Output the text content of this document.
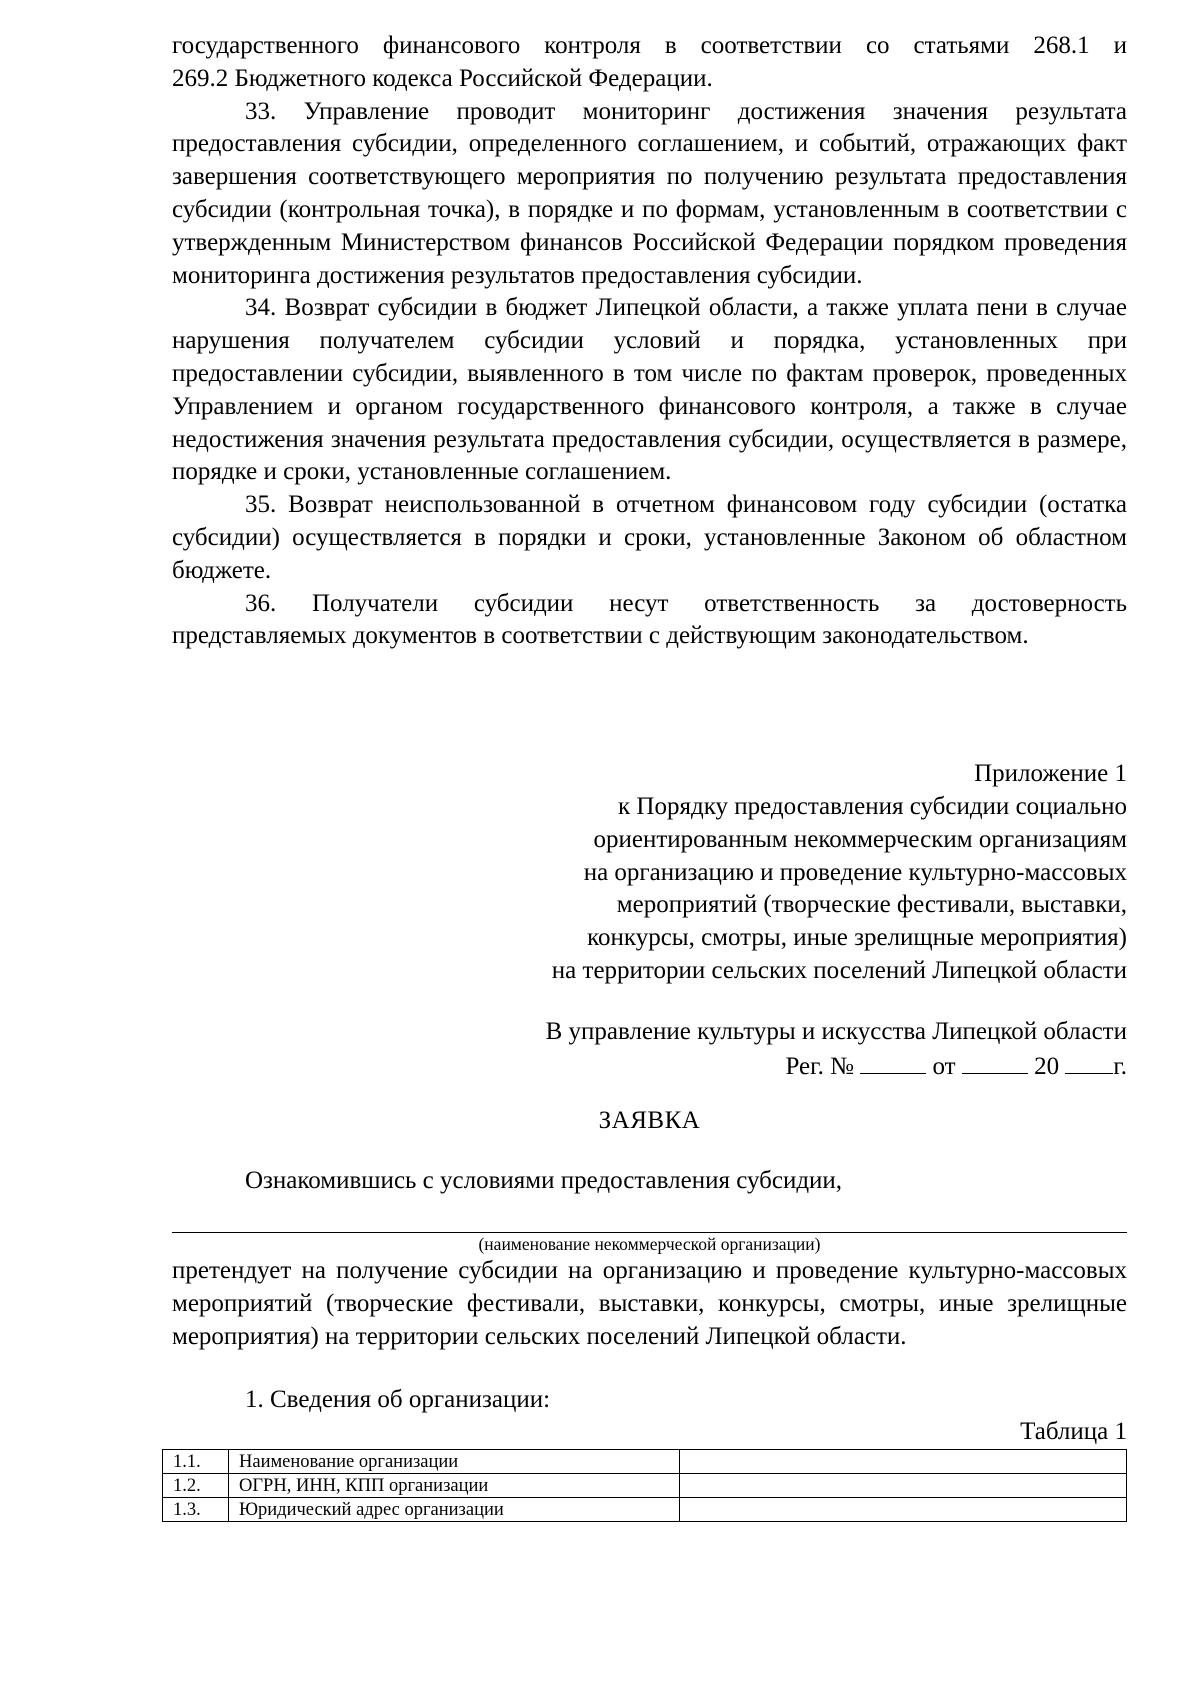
государственного финансового контроля в соответствии со статьями 268.1 и
269.2 Бюджетного кодекса Российской Федерации.

33. Управление проводит мониторинг достижения значения результата предоставления субсидии, определенного соглашением, и событий, отражающих факт завершения соответствующего мероприятия по получению результата предоставления субсидии (контрольная точка), в порядке и по формам, установленным в соответствии с утвержденным Министерством финансов Российской Федерации порядком проведения мониторинга достижения результатов предоставления субсидии.

34. Возврат субсидии в бюджет Липецкой области, а также уплата пени в случае нарушения получателем субсидии условий и порядка, установленных при предоставлении субсидии, выявленного в том числе по фактам проверок, проведенных Управлением и органом государственного финансового контроля, а также в случае недостижения значения результата предоставления субсидии, осуществляется в размере, порядке и сроки, установленные соглашением.

35. Возврат неиспользованной в отчетном финансовом году субсидии (остатка субсидии) осуществляется в порядки и сроки, установленные Законом об областном бюджете.

36. Получатели субсидии несут ответственность за достоверность представляемых документов в соответствии с действующим законодательством.

Приложение 1
к Порядку предоставления субсидии социально
ориентированным некоммерческим организациям
на организацию и проведение культурно-массовых
мероприятий (творческие фестивали, выставки,
конкурсы, смотры, иные зрелищные мероприятия)
на территории сельских поселений Липецкой области
В управление культуры и искусства Липецкой области
Рег. №	от	20 г.
ЗАЯВКА

Ознакомившись с условиями предоставления субсидии,

(наименование некоммерческой организации)

претендует на получение субсидии на организацию и проведение культурно-массовых мероприятий (творческие фестивали, выставки, конкурсы, смотры, иные зрелищные мероприятия) на территории сельских поселений Липецкой области.

1. Сведения об организации:

Таблица 1
1.1.	Наименование организации	
1.2.	ОГРН, ИНН, КПП организации	
1.3.	Юридический адрес организации	
